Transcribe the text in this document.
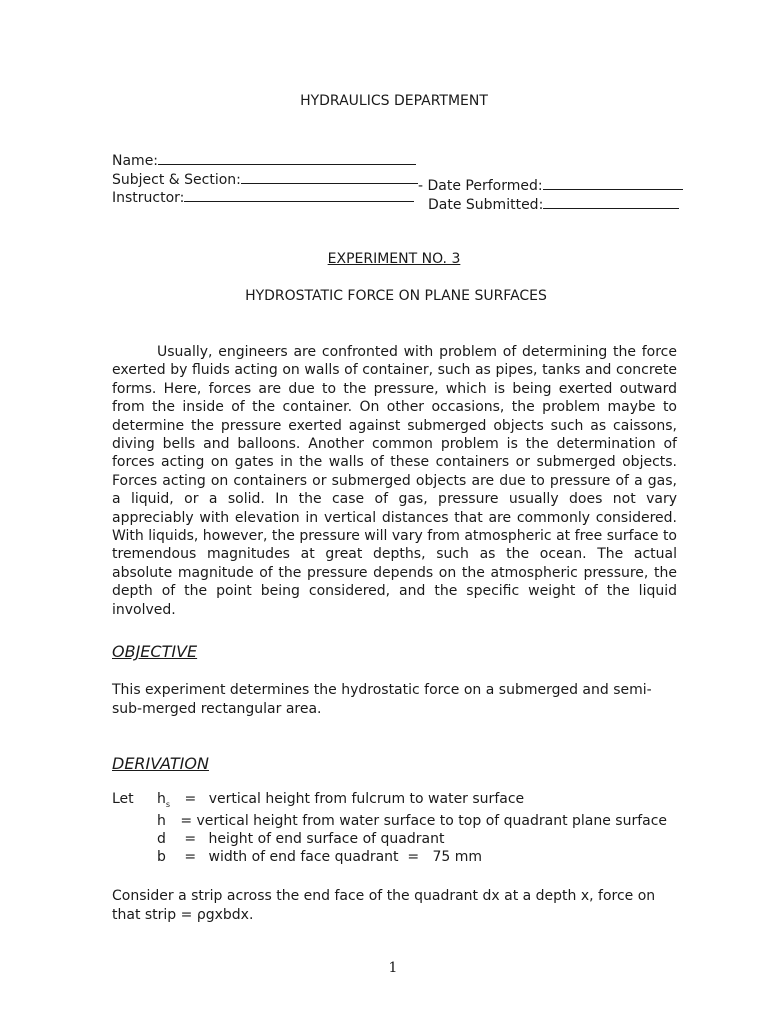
HYDRAULICS DEPARTMENT
Name:
Subject & Section:
Instructor:
- Date Performed:
Date Submitted:
EXPERIMENT NO. 3
HYDROSTATIC FORCE ON PLANE SURFACES
Usually, engineers are confronted with problem of determining the force exerted by fluids acting on walls of container, such as pipes, tanks and concrete forms. Here, forces are due to the pressure, which is being exerted outward from the inside of the container. On other occasions, the problem maybe to determine the pressure exerted against submerged objects such as caissons, diving bells and balloons. Another common problem is the determination of forces acting on gates in the walls of these containers or submerged objects. Forces acting on containers or submerged objects are due to pressure of a gas, a liquid, or a solid. In the case of gas, pressure usually does not vary appreciably with elevation in vertical distances that are commonly considered. With liquids, however, the pressure will vary from atmospheric at free surface to tremendous magnitudes at great depths, such as the ocean. The actual absolute magnitude of the pressure depends on the atmospheric pressure, the depth of the point being considered, and the specific weight of the liquid involved.
OBJECTIVE
This experiment determines the hydrostatic force on a submerged and semi-sub-merged rectangular area.
DERIVATION
Let $h_s$ = vertical height from fulcrum to water surface
h = vertical height from water surface to top of quadrant plane surface
d = height of end surface of quadrant
b = width of end face quadrant  =   75 mm
Consider a strip across the end face of the quadrant dx at a depth x, force on that strip = ρgxbdx.
1
